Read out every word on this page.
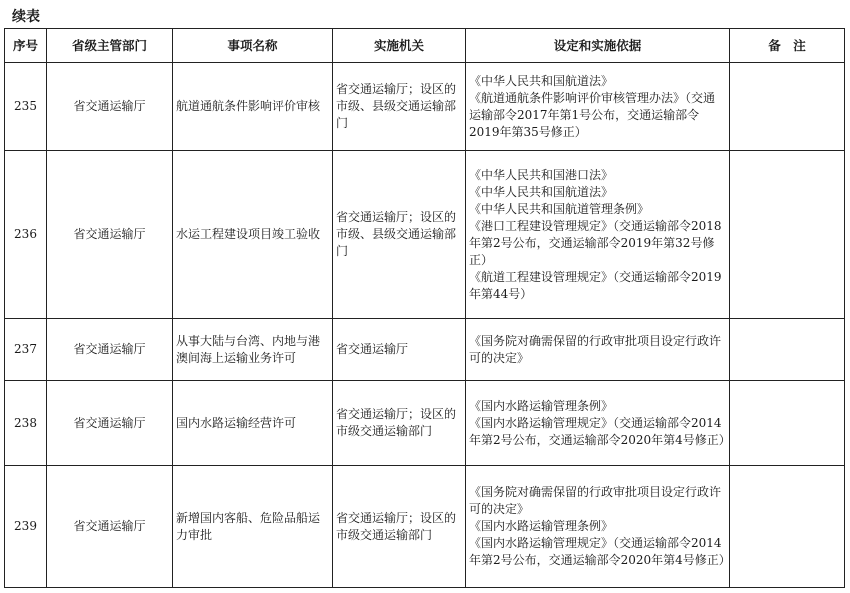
续表
序号	省级主管部门	事项名称	实施机关	设定和实施依据	备　注
235	省交通运输厅	航道通航条件影响评价审核	省交通运输厅；设区的市级、县级交通运输部门	《中华人民共和国航道法》
《航道通航条件影响评价审核管理办法》（交通运输部令2017年第1号公布，交通运输部令2019年第35号修正）	

236	省交通运输厅	水运工程建设项目竣工验收	省交通运输厅；设区的市级、县级交通运输部门	《中华人民共和国港口法》
《中华人民共和国航道法》
《中华人民共和国航道管理条例》
《港口工程建设管理规定》（交通运输部令2018年第2号公布，交通运输部令2019年第32号修正）
《航道工程建设管理规定》（交通运输部令2019年第44号）	

237	省交通运输厅	从事大陆与台湾、内地与港澳间海上运输业务许可	省交通运输厅	《国务院对确需保留的行政审批项目设定行政许可的决定》	

238	省交通运输厅	国内水路运输经营许可	省交通运输厅；设区的市级交通运输部门	《国内水路运输管理条例》
《国内水路运输管理规定》（交通运输部令2014年第2号公布，交通运输部令2020年第4号修正）	

239	省交通运输厅	新增国内客船、危险品船运力审批	省交通运输厅；设区的市级交通运输部门	《国务院对确需保留的行政审批项目设定行政许可的决定》
《国内水路运输管理条例》
《国内水路运输管理规定》（交通运输部令2014年第2号公布，交通运输部令2020年第4号修正）	
